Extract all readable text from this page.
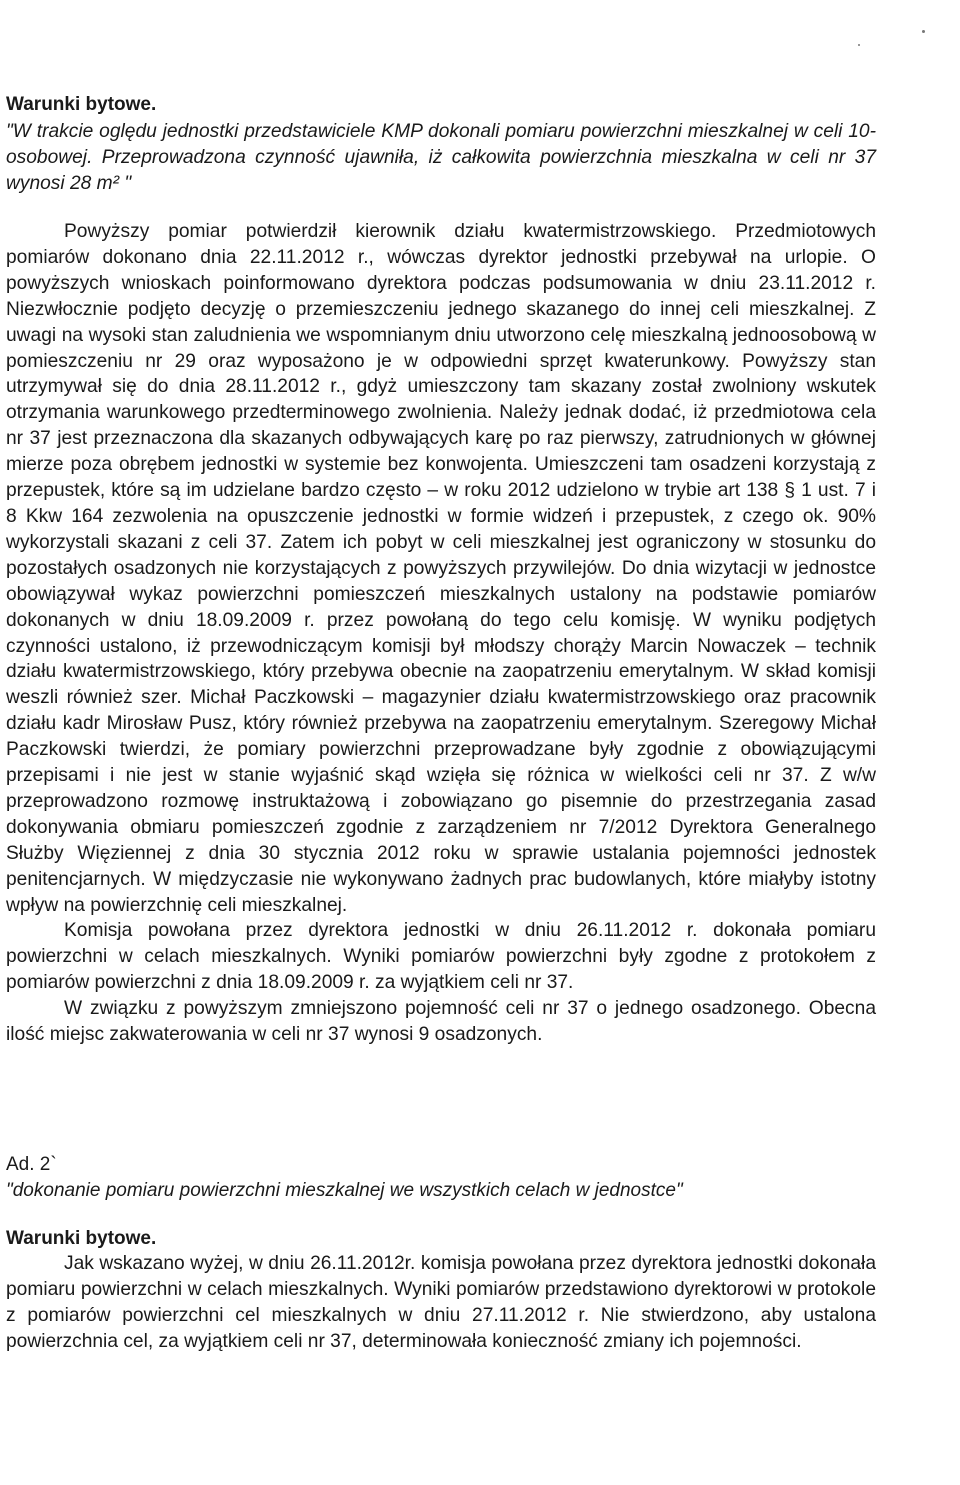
Warunki bytowe.
"W trakcie oględu jednostki przedstawiciele KMP dokonali pomiaru powierzchni mieszkalnej w celi 10-osobowej. Przeprowadzona czynność ujawniła, iż całkowita powierzchnia mieszkalna w celi nr 37 wynosi 28 m² "

Powyższy pomiar potwierdził kierownik działu kwatermistrzowskiego. Przedmiotowych pomiarów dokonano dnia 22.11.2012 r., wówczas dyrektor jednostki przebywał na urlopie. O powyższych wnioskach poinformowano dyrektora podczas podsumowania w dniu 23.11.2012 r. Niezwłocznie podjęto decyzję o przemieszczeniu jednego skazanego do innej celi mieszkalnej. Z uwagi na wysoki stan zaludnienia we wspomnianym dniu utworzono celę mieszkalną jednoosobową w pomieszczeniu nr 29 oraz wyposażono je w odpowiedni sprzęt kwaterunkowy. Powyższy stan utrzymywał się do dnia 28.11.2012 r., gdyż umieszczony tam skazany został zwolniony wskutek otrzymania warunkowego przedterminowego zwolnienia. Należy jednak dodać, iż przedmiotowa cela nr 37 jest przeznaczona dla skazanych odbywających karę po raz pierwszy, zatrudnionych w głównej mierze poza obrębem jednostki w systemie bez konwojenta. Umieszczeni tam osadzeni korzystają z przepustek, które są im udzielane bardzo często – w roku 2012 udzielono w trybie art 138 § 1 ust. 7 i 8 Kkw 164 zezwolenia na opuszczenie jednostki w formie widzeń i przepustek, z czego ok. 90% wykorzystali skazani z celi 37. Zatem ich pobyt w celi mieszkalnej jest ograniczony w stosunku do pozostałych osadzonych nie korzystających z powyższych przywilejów. Do dnia wizytacji w jednostce obowiązywał wykaz powierzchni pomieszczeń mieszkalnych ustalony na podstawie pomiarów dokonanych w dniu 18.09.2009 r. przez powołaną do tego celu komisję. W wyniku podjętych czynności ustalono, iż przewodniczącym komisji był młodszy chorąży Marcin Nowaczek – technik działu kwatermistrzowskiego, który przebywa obecnie na zaopatrzeniu emerytalnym. W skład komisji weszli również szer. Michał Paczkowski – magazynier działu kwatermistrzowskiego oraz pracownik działu kadr Mirosław Pusz, który również przebywa na zaopatrzeniu emerytalnym. Szeregowy Michał Paczkowski twierdzi, że pomiary powierzchni przeprowadzane były zgodnie z obowiązującymi przepisami i nie jest w stanie wyjaśnić skąd wzięła się różnica w wielkości celi nr 37. Z w/w przeprowadzono rozmowę instruktażową i zobowiązano go pisemnie do przestrzegania zasad dokonywania obmiaru pomieszczeń zgodnie z zarządzeniem nr 7/2012 Dyrektora Generalnego Służby Więziennej z dnia 30 stycznia 2012 roku w sprawie ustalania pojemności jednostek penitencjarnych. W międzyczasie nie wykonywano żadnych prac budowlanych, które miałyby istotny wpływ na powierzchnię celi mieszkalnej.

Komisja powołana przez dyrektora jednostki w dniu 26.11.2012 r. dokonała pomiaru powierzchni w celach mieszkalnych. Wyniki pomiarów powierzchni były zgodne z protokołem z pomiarów powierzchni z dnia 18.09.2009 r. za wyjątkiem celi nr 37.

W związku z powyższym zmniejszono pojemność celi nr 37 o jednego osadzonego. Obecna ilość miejsc zakwaterowania w celi nr 37 wynosi 9 osadzonych.

Ad. 2`
"dokonanie pomiaru powierzchni mieszkalnej we wszystkich celach w jednostce"
Warunki bytowe.

Jak wskazano wyżej, w dniu 26.11.2012r. komisja powołana przez dyrektora jednostki dokonała pomiaru powierzchni w celach mieszkalnych. Wyniki pomiarów przedstawiono dyrektorowi w protokole z pomiarów powierzchni cel mieszkalnych w dniu 27.11.2012 r. Nie stwierdzono, aby ustalona powierzchnia cel, za wyjątkiem celi nr 37, determinowała konieczność zmiany ich pojemności.
